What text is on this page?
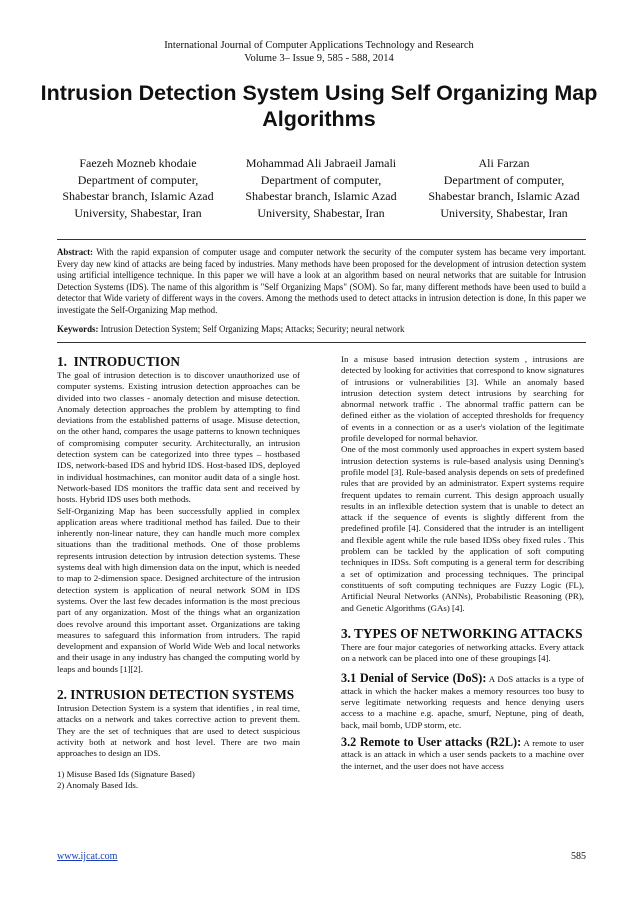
International Journal of Computer Applications Technology and Research
Volume 3– Issue 9, 585 - 588, 2014
Intrusion Detection System Using Self Organizing Map Algorithms
Faezeh Mozneb khodaie
Department of computer,
Shabestar branch, Islamic Azad
University, Shabestar, Iran
Mohammad Ali Jabraeil Jamali
Department of computer,
Shabestar branch, Islamic Azad
University, Shabestar, Iran
Ali Farzan
Department of computer,
Shabestar branch, Islamic Azad
University, Shabestar, Iran
Abstract: With the rapid expansion of computer usage and computer network the security of the computer system has became very important. Every day new kind of attacks are being faced by industries. Many methods have been proposed for the development of intrusion detection system using artificial intelligence technique. In this paper we will have a look at an algorithm based on neural networks that are suitable for Intrusion Detection Systems (IDS). The name of this algorithm is "Self Organizing Maps" (SOM). So far, many different methods have been used to build a detector that Wide variety of different ways in the covers. Among the methods used to detect attacks in intrusion detection is done, In this paper we investigate the Self-Organizing Map method.
Keywords: Intrusion Detection System; Self Organizing Maps; Attacks; Security; neural network
1.  INTRODUCTION

The goal of intrusion detection is to discover unauthorized use of computer systems. Existing intrusion detection approaches can be divided into two classes - anomaly detection and misuse detection. Anomaly detection approaches the problem by attempting to find deviations from the established patterns of usage. Misuse detection, on the other hand, compares the usage patterns to known techniques of compromising computer security. Architecturally, an intrusion detection system can be categorized into three types – hostbased IDS, network-based IDS and hybrid IDS. Host-based IDS, deployed in individual hostmachines, can monitor audit data of a single host. Network-based IDS monitors the traffic data sent and received by hosts. Hybrid IDS uses both methods.

Self-Organizing Map has been successfully applied in complex application areas where traditional method has failed. Due to their inherently non-linear nature, they can handle much more complex situations than the traditional methods. One of those problems represents intrusion detection by intrusion detection systems. These systems deal with high dimension data on the input, which is needed to map to 2-dimension space. Designed architecture of the intrusion detection system is application of neural network SOM in IDS systems. Over the last few decades information is the most precious part of any organization. Most of the things what an organization does revolve around this important asset. Organizations are taking measures to safeguard this information from intruders. The rapid development and expansion of World Wide Web and local networks and their usage in any industry has changed the computing world by leaps and bounds [1][2].

2. INTRUSION DETECTION SYSTEMS

Intrusion Detection System is a system that identifies , in real time, attacks on a network and takes corrective action to prevent them. They are the set of techniques that are used to detect suspicious activity both at network and host level. There are two main approaches to design an IDS.

1) Misuse Based Ids (Signature Based)

2) Anomaly Based Ids.

In a misuse based intrusion detection system , intrusions are detected by looking for activities that correspond to know signatures of intrusions or vulnerabilities [3]. While an anomaly based intrusion detection system detect intrusions by searching for abnormal network traffic . The abnormal traffic pattern can be defined either as the violation of accepted thresholds for frequency of events in a connection or as a user's violation of the legitimate profile developed for normal behavior.

One of the most commonly used approaches in expert system based intrusion detection systems is rule-based analysis using Denning's profile model [3]. Rule-based analysis depends on sets of predefined rules that are provided by an administrator. Expert systems require frequent updates to remain current. This design approach usually results in an inflexible detection system that is unable to detect an attack if the sequence of events is slightly different from the predefined profile [4]. Considered that the intruder is an intelligent and flexible agent while the rule based IDSs obey fixed rules . This problem can be tackled by the application of soft computing techniques in IDSs. Soft computing is a general term for describing a set of optimization and processing techniques. The principal constituents of soft computing techniques are Fuzzy Logic (FL), Artificial Neural Networks (ANNs), Probabilistic Reasoning (PR), and Genetic Algorithms (GAs) [4].

3. TYPES OF NETWORKING ATTACKS

There are four major categories of networking attacks. Every attack on a network can be placed into one of these groupings [4].

3.1 Denial of Service (DoS): A DoS attacks is a type of attack in which the hacker makes a memory resources too busy to serve legitimate networking requests and hence denying users access to a machine e.g. apache, smurf, Neptune, ping of death, back, mail bomb, UDP storm, etc.

3.2 Remote to User attacks (R2L): A remote to user attack is an attack in which a user sends packets to a machine over the internet, and the user does not have access

www.ijcat.com	585
